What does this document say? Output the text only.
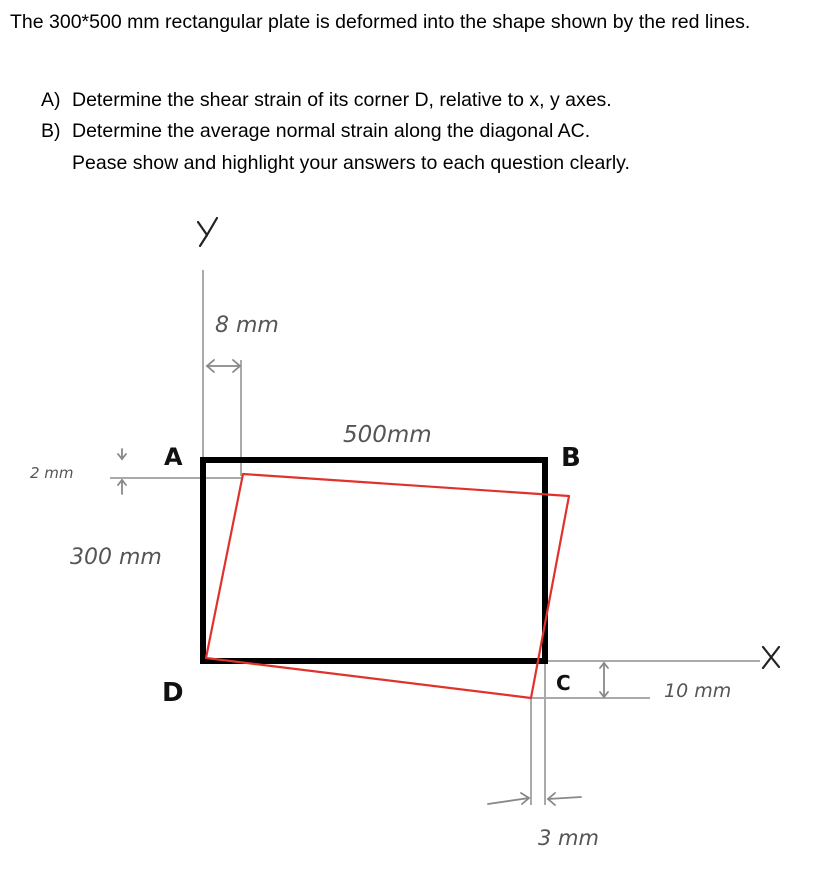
The 300*500 mm rectangular plate is deformed into the shape shown by the red lines.

A) Determine the shear strain of its corner D, relative to x, y axes.
B) Determine the average normal strain along the diagonal AC.
Pease show and highlight your answers to each question clearly.
Y
X
8 mm
500mm
2 mm
300 mm
10 mm
3 mm
A	B
C
D
